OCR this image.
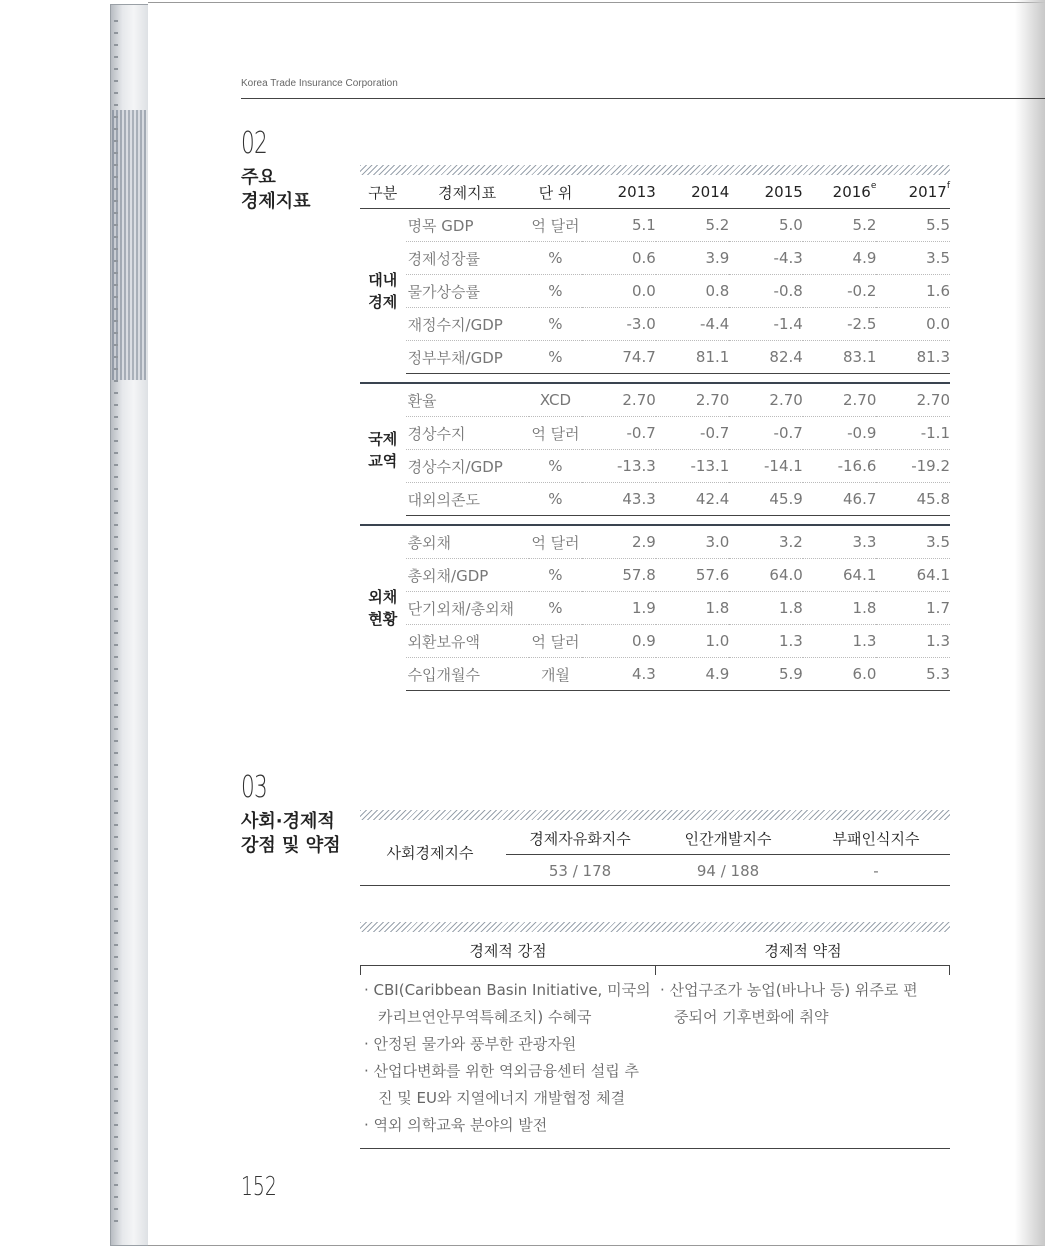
Korea Trade Insurance Corporation
02
주요
경제지표	구분	경제지표	단 위	2013	2014	2015	2016e	2017$^f$

대내
경제	명목 GDP	억 달러	5.1	5.2	5.0	5.2	5.5
	경제성장률	%	0.6	3.9	-4.3	4.9	3.5
	물가상승률	%	0.0	0.8	-0.8	-0.2	1.6
	재정수지/GDP	%	-3.0	-4.4	-1.4	-2.5	0.0
	정부부채/GDP	%	74.7	81.1	82.4	83.1	81.3

국제
교역	환율	XCD	2.70	2.70	2.70	2.70	2.70
	경상수지	억 달러	-0.7	-0.7	-0.7	-0.9	-1.1
	경상수지/GDP	%	-13.3	-13.1	-14.1	-16.6	-19.2
	대외의존도	%	43.3	42.4	45.9	46.7	45.8

외채
현황	총외채	억 달러	2.9	3.0	3.2	3.3	3.5
	총외채/GDP	%	57.8	57.6	64.0	64.1	64.1
	단기외채/총외채	%	1.9	1.8	1.8	1.8	1.7
	외환보유액	억 달러	0.9	1.0	1.3	1.3	1.3
	수입개월수	개월	4.3	4.9	5.9	6.0	5.3
03
사회·경제적
강점 및 약점	사회경제지수
경제자유화지수	인간개발지수	부패인식지수
53 / 178	94 / 188	-
경제적 강점	경제적 약점
· CBI(Caribbean Basin Initiative, 미국의 카리브연안무역특혜조치) 수혜국
· 안정된 물가와 풍부한 관광자원
· 산업다변화를 위한 역외금융센터 설립 추진 및 EU와 지열에너지 개발협정 체결
· 역외 의학교육 분야의 발전
· 산업구조가 농업(바나나 등) 위주로 편중되어 기후변화에 취약
152
